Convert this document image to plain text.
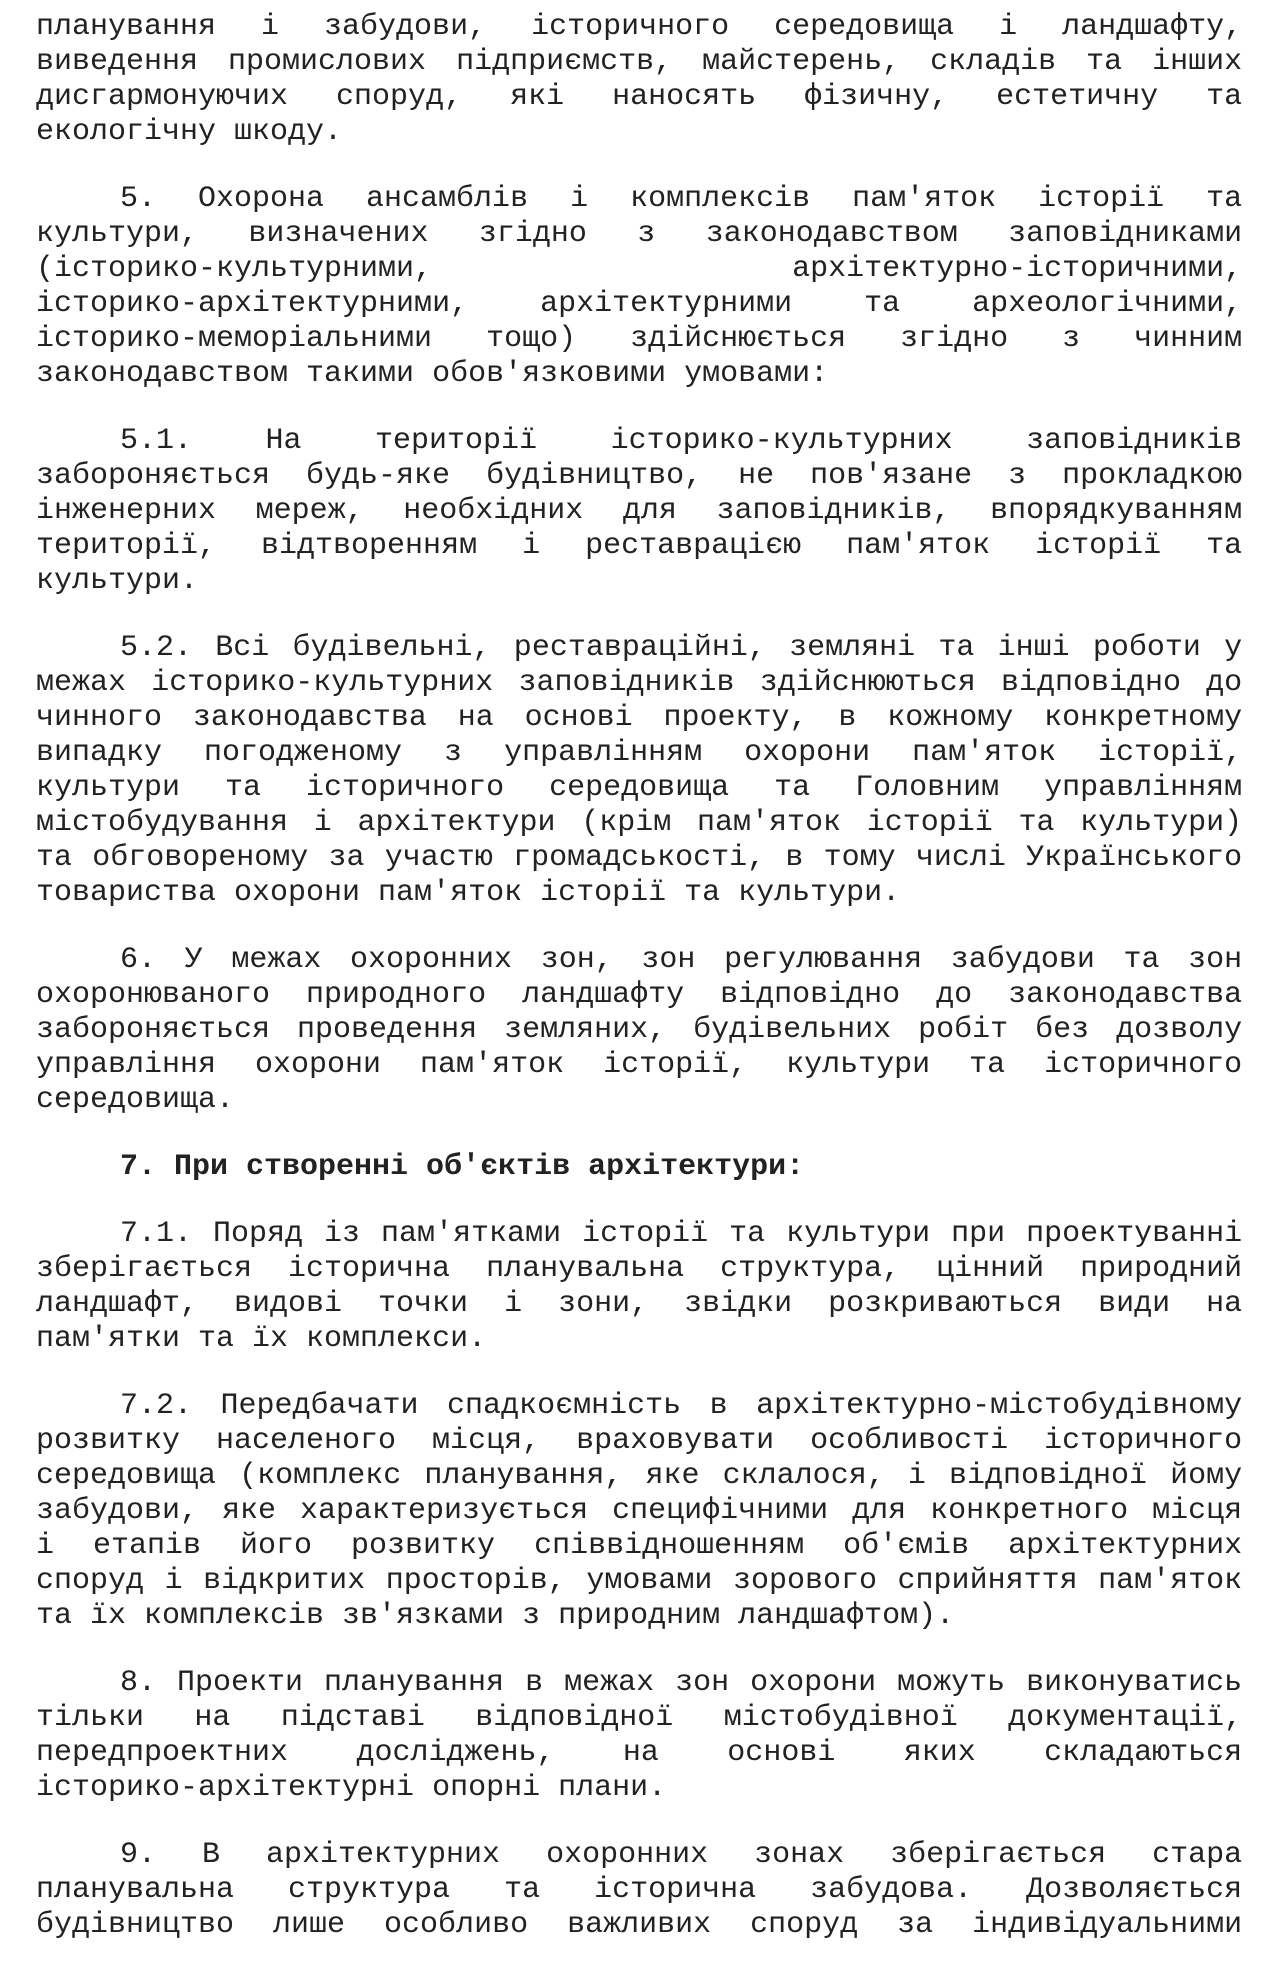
планування і забудови, історичного середовища і ландшафту,
виведення промислових підприємств, майстерень, складів та інших
дисгармонуючих споруд, які наносять фізичну, естетичну та
екологічну шкоду.
5. Охорона ансамблів і комплексів пам'яток історії та
культури, визначених згідно з законодавством заповідниками
(історико-культурними, архітектурно-історичними,
історико-архітектурними, архітектурними та археологічними,
історико-меморіальними тощо) здійснюється згідно з чинним
законодавством такими обов'язковими умовами:
5.1. На території історико-культурних заповідників
забороняється будь-яке будівництво, не пов'язане з прокладкою
інженерних мереж, необхідних для заповідників, впорядкуванням
території, відтворенням і реставрацією пам'яток історії та
культури.
5.2. Всі будівельні, реставраційні, земляні та інші роботи у
межах історико-культурних заповідників здійснюються відповідно до
чинного законодавства на основі проекту, в кожному конкретному
випадку погодженому з управлінням охорони пам'яток історії,
культури та історичного середовища та Головним управлінням
містобудування і архітектури (крім пам'яток історії та культури)
та обговореному за участю громадськості, в тому числі Українського
товариства охорони пам'яток історії та культури.
6. У межах охоронних зон, зон регулювання забудови та зон
охоронюваного природного ландшафту відповідно до законодавства
забороняється проведення земляних, будівельних робіт без дозволу
управління охорони пам'яток історії, культури та історичного
середовища.
7. При створенні об'єктів архітектури:
7.1. Поряд із пам'ятками історії та культури при проектуванні
зберігається історична планувальна структура, цінний природний
ландшафт, видові точки і зони, звідки розкриваються види на
пам'ятки та їх комплекси.
7.2. Передбачати спадкоємність в архітектурно-містобудівному
розвитку населеного місця, враховувати особливості історичного
середовища (комплекс планування, яке склалося, і відповідної йому
забудови, яке характеризується специфічними для конкретного місця
і етапів його розвитку співвідношенням об'ємів архітектурних
споруд і відкритих просторів, умовами зорового сприйняття пам'яток
та їх комплексів зв'язками з природним ландшафтом).
8. Проекти планування в межах зон охорони можуть виконуватись
тільки на підставі відповідної містобудівної документації,
передпроектних досліджень, на основі яких складаються
історико-архітектурні опорні плани.
9. В архітектурних охоронних зонах зберігається стара
планувальна структура та історична забудова. Дозволяється
будівництво лише особливо важливих споруд за індивідуальними
